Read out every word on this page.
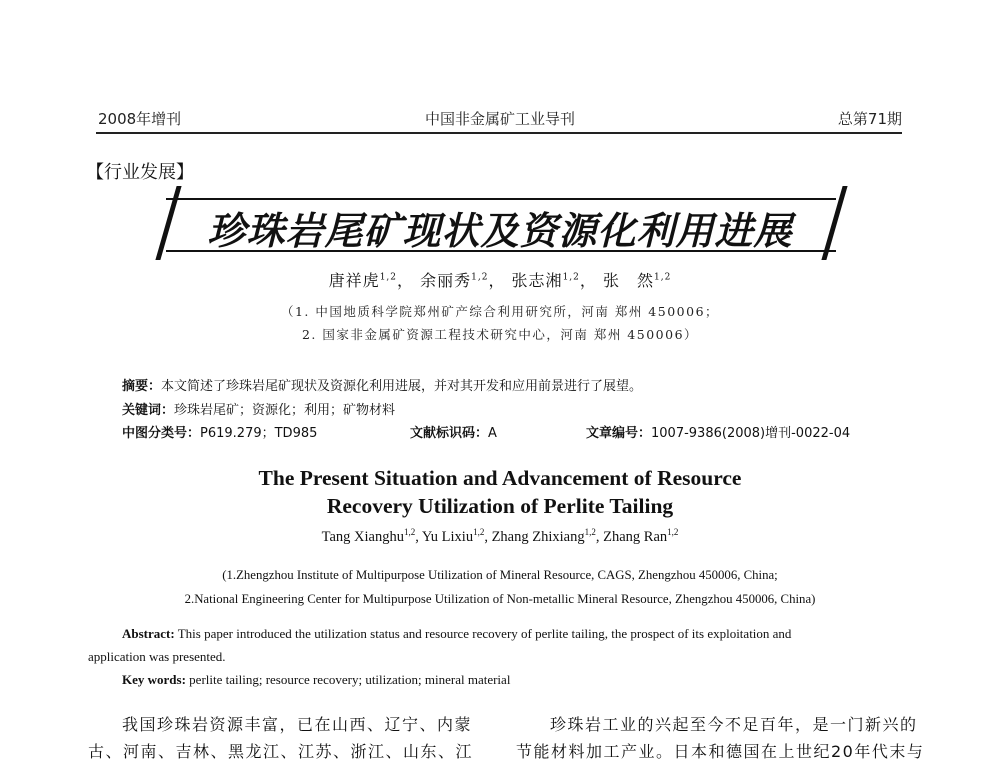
2008年增刊	中国非金属矿工业导刊	总第71期
【行业发展】
珍珠岩尾矿现状及资源化利用进展
唐祥虎$^{1,2}$， 余丽秀$^{1,2}$， 张志湘$^{1,2}$， 张　然$^{1,2}$
（1. 中国地质科学院郑州矿产综合利用研究所，河南 郑州 450006；
2. 国家非金属矿资源工程技术研究中心，河南 郑州 450006）
摘要：本文简述了珍珠岩尾矿现状及资源化利用进展，并对其开发和应用前景进行了展望。
关键词：珍珠岩尾矿；资源化；利用；矿物材料
中图分类号：P619.279；TD985	文献标识码：A	文章编号：1007-9386(2008)增刊-0022-04
The Present Situation and Advancement of Resource
Recovery Utilization of Perlite Tailing
Tang Xianghu$^{1,2}$, Yu Lixiu$^{1,2}$, Zhang Zhixiang$^{1,2}$, Zhang Ran$^{1,2}$
(1.Zhengzhou Institute of Multipurpose Utilization of Mineral Resource, CAGS, Zhengzhou 450006, China;
2.National Engineering Center for Multipurpose Utilization of Non-metallic Mineral Resource, Zhengzhou 450006, China)
Abstract: This paper introduced the utilization status and resource recovery of perlite tailing, the prospect of its exploitation and
application was presented.
Key words: perlite tailing; resource recovery; utilization; mineral material
我国珍珠岩资源丰富，已在山西、辽宁、内蒙
古、河南、吉林、黑龙江、江苏、浙江、山东、江
珍珠岩工业的兴起至今不足百年，是一门新兴的
节能材料加工产业。日本和德国在上世纪20年代末与
